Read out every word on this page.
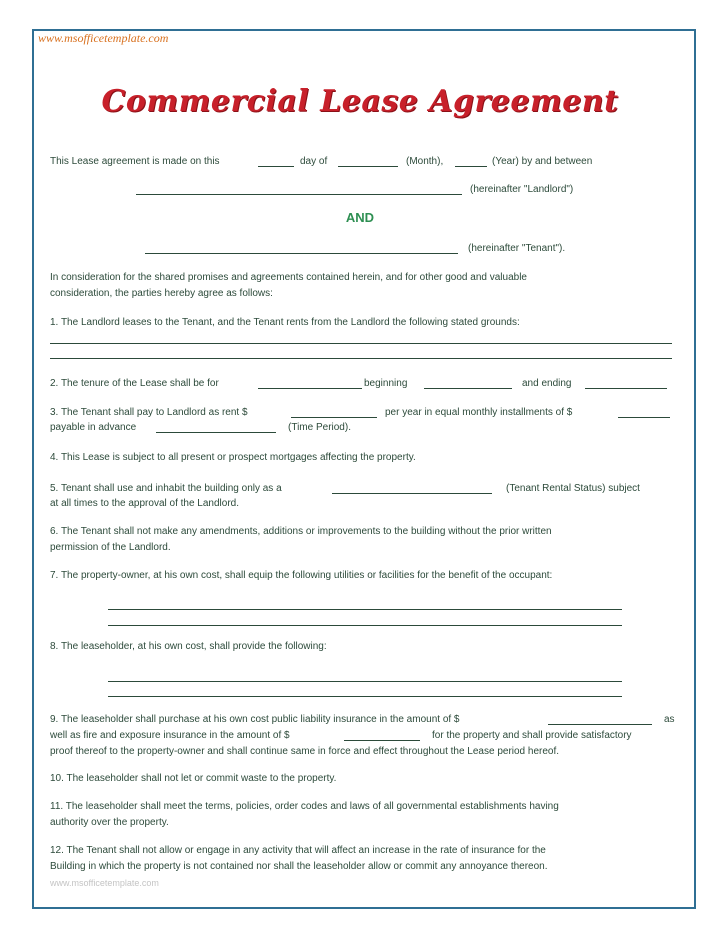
www.msofficetemplate.com
Commercial Lease Agreement
This Lease agreement is made on this	day of	(Month),	(Year) by and between
(hereinafter "Landlord")
AND
(hereinafter "Tenant").
In consideration for the shared promises and agreements contained herein, and for other good and valuable
consideration, the parties hereby agree as follows:
1. The Landlord leases to the Tenant, and the Tenant rents from the Landlord the following stated grounds:
2. The tenure of the Lease shall be for	beginning	and ending
3. The Tenant shall pay to Landlord as rent $	per year in equal monthly installments of $
payable in advance	(Time Period).
4. This Lease is subject to all present or prospect mortgages affecting the property.
5. Tenant shall use and inhabit the building only as a	(Tenant Rental Status) subject
at all times to the approval of the Landlord.
6. The Tenant shall not make any amendments, additions or improvements to the building without the prior written
permission of the Landlord.
7. The property-owner, at his own cost, shall equip the following utilities or facilities for the benefit of the occupant:
8. The leaseholder, at his own cost, shall provide the following:
9. The leaseholder shall purchase at his own cost public liability insurance in the amount of $	as
well as fire and exposure insurance in the amount of $	for the property and shall provide satisfactory
proof thereof to the property-owner and shall continue same in force and effect throughout the Lease period hereof.
10. The leaseholder shall not let or commit waste to the property.
11. The leaseholder shall meet the terms, policies, order codes and laws of all governmental establishments having
authority over the property.
12. The Tenant shall not allow or engage in any activity that will affect an increase in the rate of insurance for the
Building in which the property is not contained nor shall the leaseholder allow or commit any annoyance thereon.
www.msofficetemplate.com
